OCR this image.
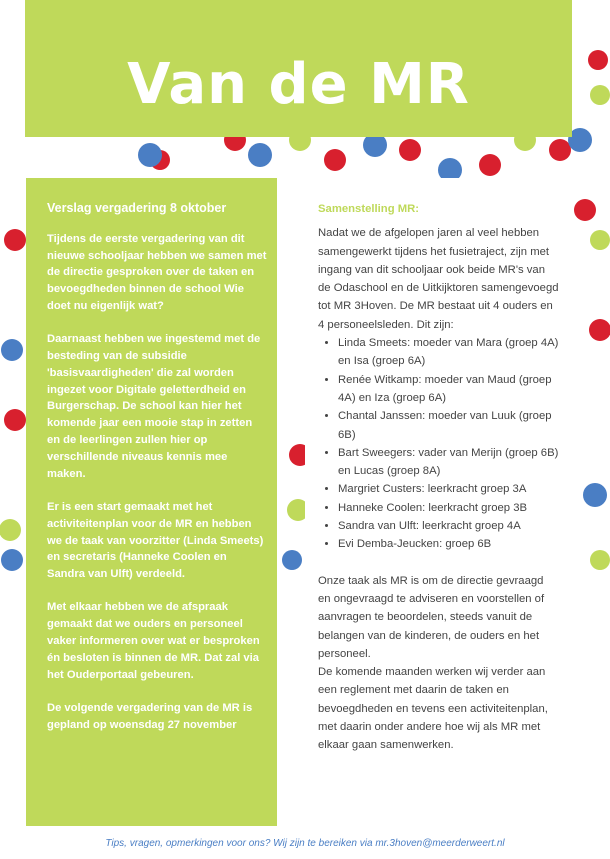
Van de MR
Verslag vergadering 8 oktober

Tijdens de eerste vergadering van dit nieuwe schooljaar hebben we samen met de directie gesproken over de taken en bevoegdheden binnen de school Wie doet nu eigenlijk wat?

Daarnaast hebben we ingestemd met de besteding van de subsidie 'basisvaardigheden' die zal worden ingezet voor Digitale geletterdheid en Burgerschap. De school kan hier het komende jaar een mooie stap in zetten en de leerlingen zullen hier op verschillende niveaus kennis mee maken.

Er is een start gemaakt met het activiteitenplan voor de MR en hebben we de taak van voorzitter (Linda Smeets) en secretaris (Hanneke Coolen en Sandra van Ulft) verdeeld.

Met elkaar hebben we de afspraak gemaakt dat we ouders en personeel vaker informeren over wat er besproken én besloten is binnen de MR. Dat zal via het Ouderportaal gebeuren.

De volgende vergadering van de MR is gepland op woensdag 27 november

Samenstelling MR:

Nadat we de afgelopen jaren al veel hebben samengewerkt tijdens het fusietraject, zijn met ingang van dit schooljaar ook beide MR's van de Odaschool en de Uitkijktoren samengevoegd tot MR 3Hoven. De MR bestaat uit 4 ouders en 4 personeelsleden. Dit zijn:

• Linda Smeets: moeder van Mara (groep 4A) en Isa (groep 6A)
• Renée Witkamp: moeder van Maud (groep 4A) en Iza (groep 6A)
• Chantal Janssen: moeder van Luuk (groep 6B)
• Bart Sweegers: vader van Merijn (groep 6B) en Lucas (groep 8A)
• Margriet Custers: leerkracht groep 3A
• Hanneke Coolen: leerkracht groep 3B
• Sandra van Ulft: leerkracht groep 4A
• Evi Demba-Jeucken: groep 6B

Onze taak als MR is om de directie gevraagd en ongevraagd te adviseren en voorstellen of aanvragen te beoordelen, steeds vanuit de belangen van de kinderen, de ouders en het personeel.

De komende maanden werken wij verder aan een reglement met daarin de taken en bevoegdheden en tevens een activiteitenplan, met daarin onder andere hoe wij als MR met elkaar gaan samenwerken.

Tips, vragen, opmerkingen voor ons? Wij zijn te bereiken via mr.3hoven@meerderweert.nl
